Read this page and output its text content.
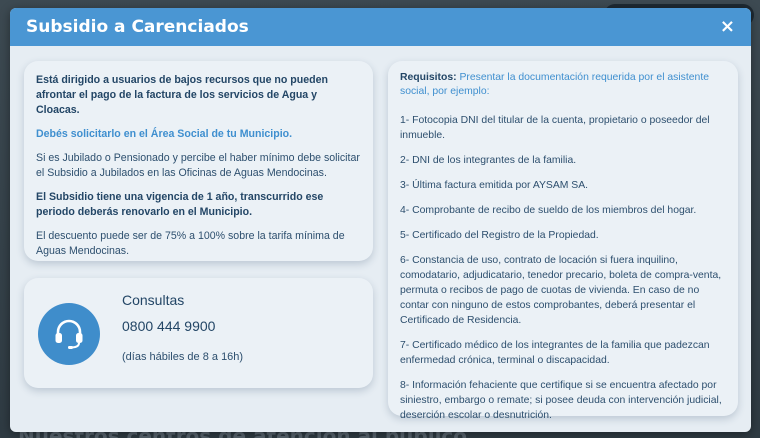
Subsidio a Carenciados	×

Está dirigido a usuarios de bajos recursos que no pueden afrontar el pago de la factura de los servicios de Agua y Cloacas.

Debés solicitarlo en el Área Social de tu Municipio.

Si es Jubilado o Pensionado y percibe el haber mínimo debe solicitar el Subsidio a Jubilados en las Oficinas de Aguas Mendocinas.

El Subsidio tiene una vigencia de 1 año, transcurrido ese periodo deberás renovarlo en el Municipio.

El descuento puede ser de 75% a 100% sobre la tarifa mínima de Aguas Mendocinas.

Consultas
0800 444 9900
(días hábiles de 8 a 16h)

Requisitos: Presentar la documentación requerida por el asistente social, por ejemplo:

1- Fotocopia DNI del titular de la cuenta, propietario o poseedor del inmueble.

2- DNI de los integrantes de la familia.

3- Última factura emitida por AYSAM SA.

4- Comprobante de recibo de sueldo de los miembros del hogar.

5- Certificado del Registro de la Propiedad.

6- Constancia de uso, contrato de locación si fuera inquilino, comodatario, adjudicatario, tenedor precario, boleta de compra-venta, permuta o recibos de pago de cuotas de vivienda. En caso de no contar con ninguno de estos comprobantes, deberá presentar el Certificado de Residencia.

7- Certificado médico de los integrantes de la familia que padezcan enfermedad crónica, terminal o discapacidad.

8- Información fehaciente que certifique si se encuentra afectado por siniestro, embargo o remate; si posee deuda con intervención judicial, deserción escolar o desnutrición.
